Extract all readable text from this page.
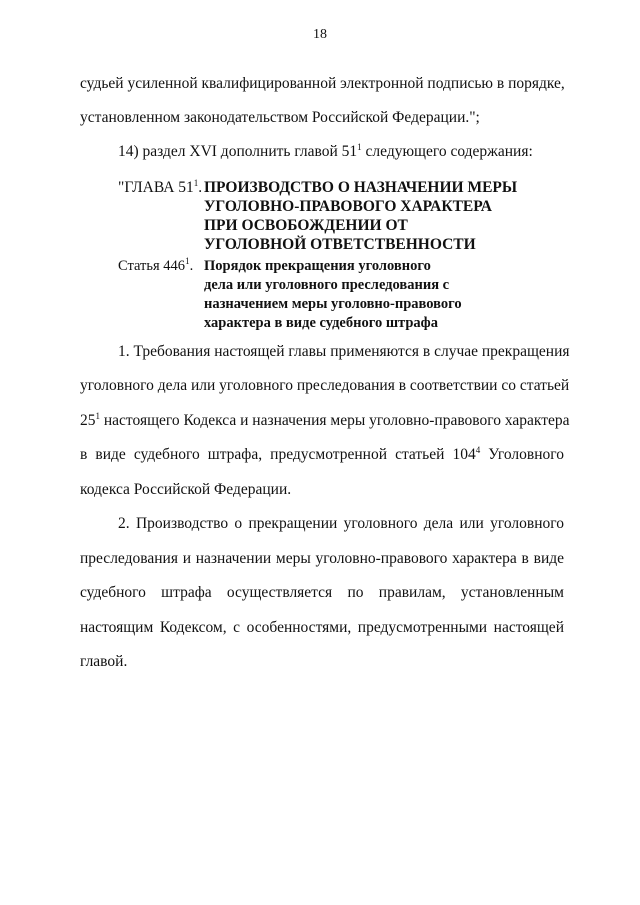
18
судьей усиленной квалифицированной электронной подписью в порядке,
установленном законодательством Российской Федерации.";
14) раздел XVI дополнить главой $51^1$ следующего содержания:
"ГЛАВА $51^1$. ПРОИЗВОДСТВО О НАЗНАЧЕНИИ МЕРЫ
УГОЛОВНО-ПРАВОВОГО ХАРАКТЕРА
ПРИ ОСВОБОЖДЕНИИ ОТ
УГОЛОВНОЙ ОТВЕТСТВЕННОСТИ
Статья $446^1$. Порядок прекращения уголовного
дела или уголовного преследования с
назначением меры уголовно-правового
характера в виде судебного штрафа
1. Требования настоящей главы применяются в случае прекращения
уголовного дела или уголовного преследования в соответствии со статьей
$25^1$ настоящего Кодекса и назначения меры уголовно-правового характера
в виде судебного штрафа, предусмотренной статьей $104^4$ Уголовного
кодекса Российской Федерации.
2. Производство о прекращении уголовного дела или уголовного
преследования и назначении меры уголовно-правового характера в виде
судебного штрафа осуществляется по правилам, установленным
настоящим Кодексом, с особенностями, предусмотренными настоящей
главой.
